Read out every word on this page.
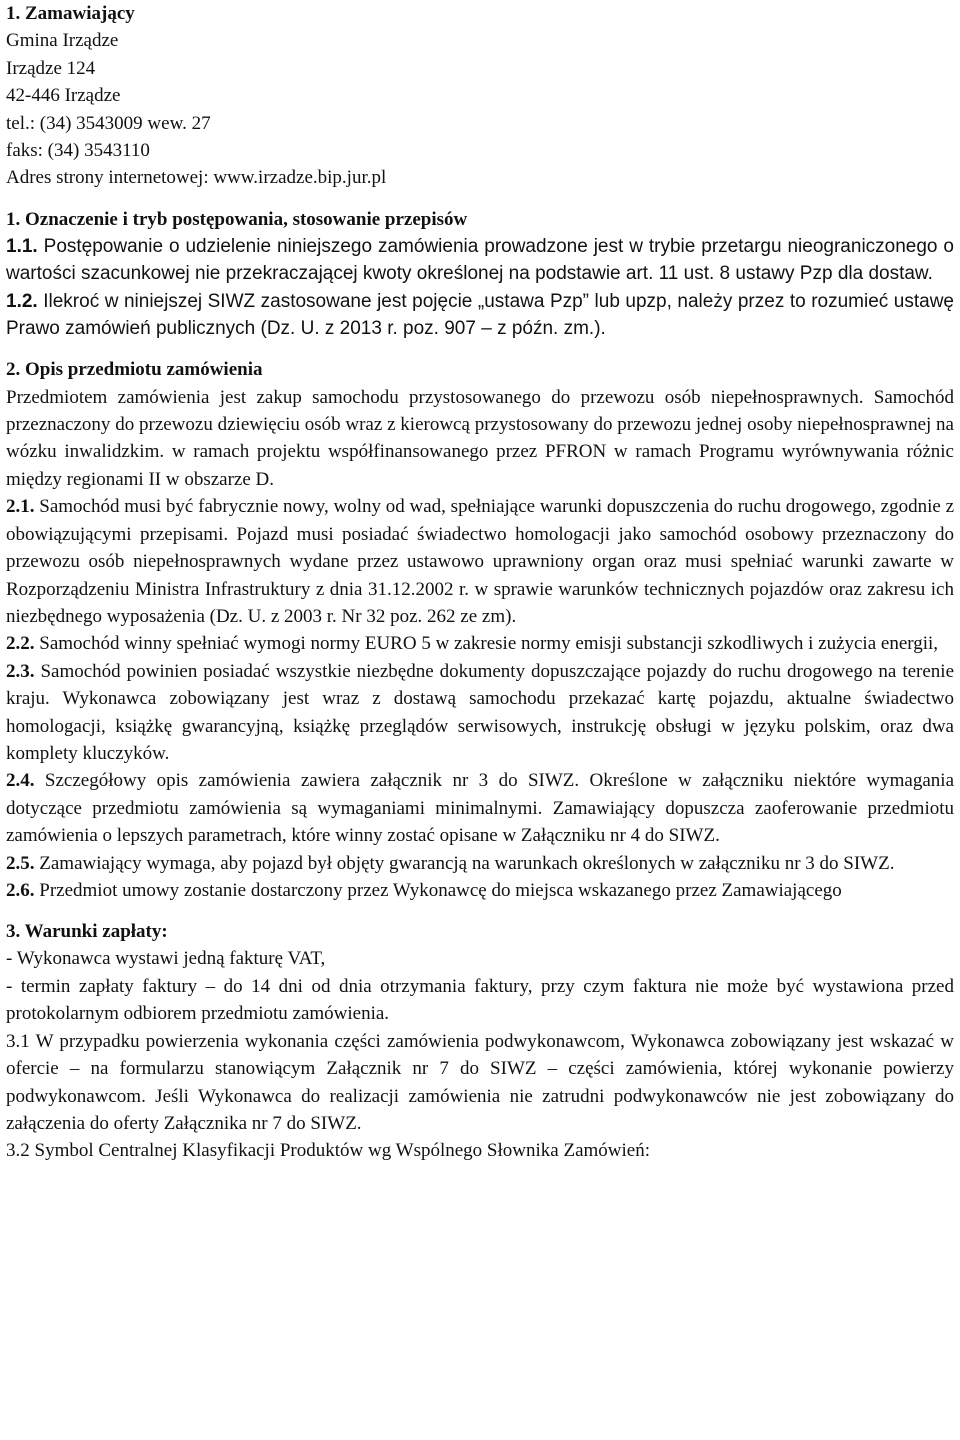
1. Zamawiający

Gmina Irządze

Irządze 124

42-446 Irządze

tel.: (34) 3543009 wew. 27

faks: (34) 3543110

Adres strony internetowej: www.irzadze.bip.jur.pl

1. Oznaczenie i tryb postępowania, stosowanie przepisów

1.1. Postępowanie o udzielenie niniejszego zamówienia prowadzone jest w trybie przetargu nieograniczonego o wartości szacunkowej nie przekraczającej kwoty określonej na podstawie art. 11 ust. 8 ustawy Pzp dla dostaw.

1.2. Ilekroć w niniejszej SIWZ zastosowane jest pojęcie „ustawa Pzp” lub upzp, należy przez to rozumieć ustawę Prawo zamówień publicznych (Dz. U. z 2013 r. poz. 907 – z późn. zm.).

2. Opis przedmiotu zamówienia

Przedmiotem zamówienia jest zakup samochodu przystosowanego do przewozu osób niepełnosprawnych. Samochód przeznaczony do przewozu dziewięciu osób wraz z kierowcą przystosowany do przewozu jednej osoby niepełnosprawnej na wózku inwalidzkim. w ramach projektu współfinansowanego przez PFRON w ramach Programu wyrównywania różnic między regionami II w obszarze D.

2.1. Samochód musi być fabrycznie nowy, wolny od wad, spełniające warunki dopuszczenia do ruchu drogowego, zgodnie z obowiązującymi przepisami. Pojazd musi posiadać świadectwo homologacji jako samochód osobowy przeznaczony do przewozu osób niepełnosprawnych wydane przez ustawowo uprawniony organ oraz musi spełniać warunki zawarte w Rozporządzeniu Ministra Infrastruktury z dnia 31.12.2002 r. w sprawie warunków technicznych pojazdów oraz zakresu ich niezbędnego wyposażenia (Dz. U. z 2003 r. Nr 32 poz. 262 ze zm).

2.2. Samochód winny spełniać wymogi normy EURO 5 w zakresie normy emisji substancji szkodliwych i zużycia energii,

2.3. Samochód powinien posiadać wszystkie niezbędne dokumenty dopuszczające pojazdy do ruchu drogowego na terenie kraju. Wykonawca zobowiązany jest wraz z dostawą samochodu przekazać kartę pojazdu, aktualne świadectwo homologacji, książkę gwarancyjną, książkę przeglądów serwisowych, instrukcję obsługi w języku polskim, oraz dwa komplety kluczyków.

2.4. Szczegółowy opis zamówienia zawiera załącznik nr 3 do SIWZ. Określone w załączniku niektóre wymagania dotyczące przedmiotu zamówienia są wymaganiami minimalnymi. Zamawiający dopuszcza zaoferowanie przedmiotu zamówienia o lepszych parametrach, które winny zostać opisane w Załączniku nr 4 do SIWZ.

2.5. Zamawiający wymaga, aby pojazd był objęty gwarancją na warunkach określonych w załączniku nr 3 do SIWZ.

2.6. Przedmiot umowy zostanie dostarczony przez Wykonawcę do miejsca wskazanego przez Zamawiającego

3. Warunki zapłaty:

- Wykonawca wystawi jedną fakturę VAT,

- termin zapłaty faktury – do 14 dni od dnia otrzymania faktury, przy czym faktura nie może być wystawiona przed protokolarnym odbiorem przedmiotu zamówienia.

3.1 W przypadku powierzenia wykonania części zamówienia podwykonawcom, Wykonawca zobowiązany jest wskazać w ofercie – na formularzu stanowiącym Załącznik nr 7 do SIWZ – części zamówienia, której wykonanie powierzy podwykonawcom. Jeśli Wykonawca do realizacji zamówienia nie zatrudni podwykonawców nie jest zobowiązany do załączenia do oferty Załącznika nr 7 do SIWZ.

3.2 Symbol Centralnej Klasyfikacji Produktów wg Wspólnego Słownika Zamówień:
